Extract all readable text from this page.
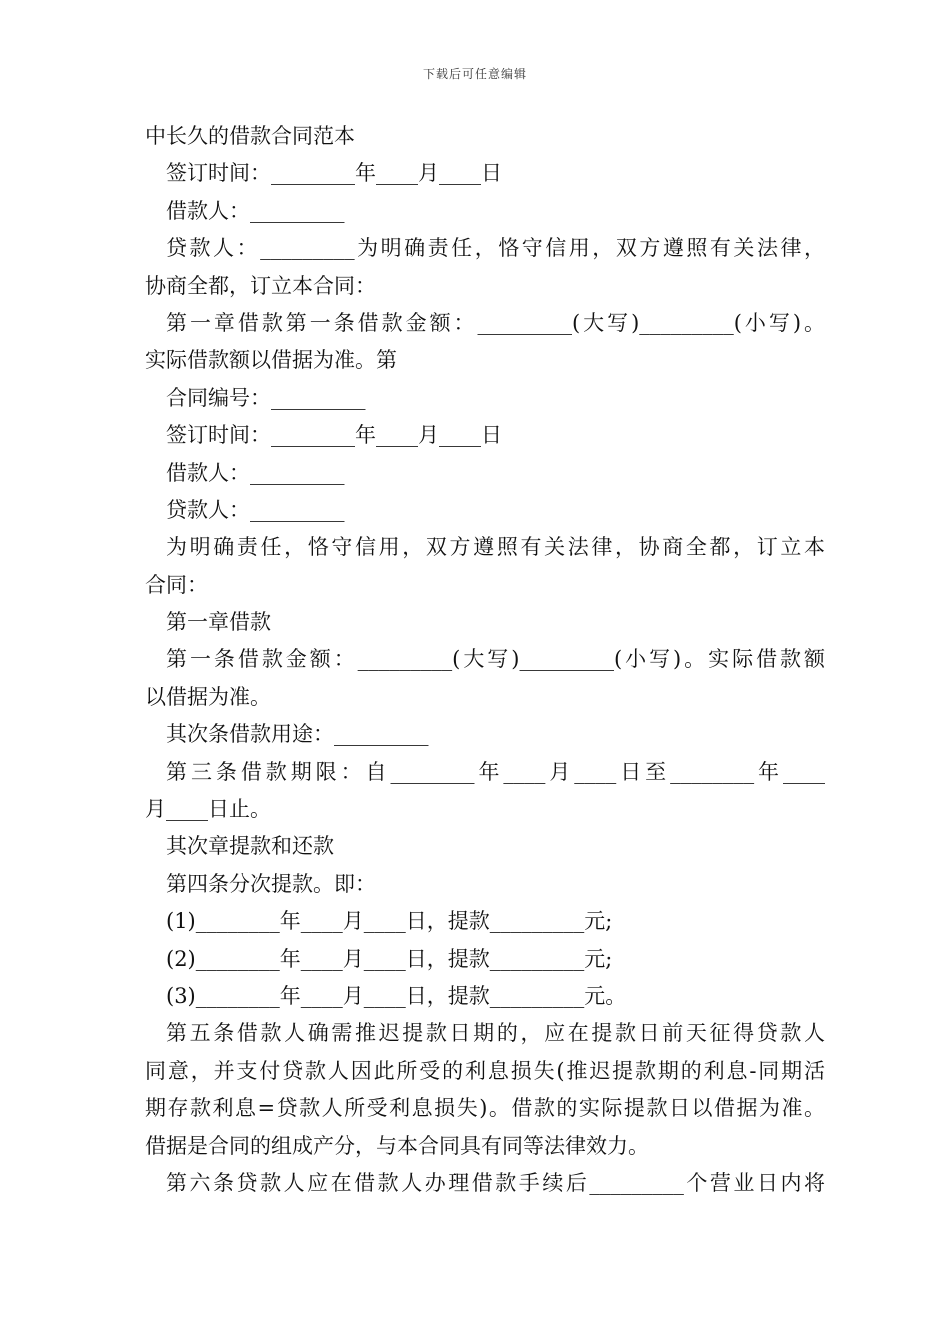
下载后可任意编辑
中长久的借款合同范本
签订时间：________年____月____日
借款人：_________
贷款人：_________为明确责任，恪守信用，双方遵照有关法律，
协商全都，订立本合同：
第一章借款第一条借款金额：_________(大写)_________(小写)。
实际借款额以借据为准。第
合同编号：_________
签订时间：________年____月____日
借款人：_________
贷款人：_________
为明确责任，恪守信用，双方遵照有关法律，协商全都，订立本
合同：
第一章借款
第一条借款金额：_________(大写)_________(小写)。实际借款额
以借据为准。
其次条借款用途：_________
第三条借款期限：自________年____月____日至________年____
月____日止。
其次章提款和还款
第四条分次提款。即：
(1)________年____月____日，提款_________元;
(2)________年____月____日，提款_________元;
(3)________年____月____日，提款_________元。
第五条借款人确需推迟提款日期的，应在提款日前天征得贷款人
同意，并支付贷款人因此所受的利息损失(推迟提款期的利息-同期活
期存款利息=贷款人所受利息损失)。借款的实际提款日以借据为准。
借据是合同的组成产分，与本合同具有同等法律效力。
第六条贷款人应在借款人办理借款手续后_________个营业日内将
